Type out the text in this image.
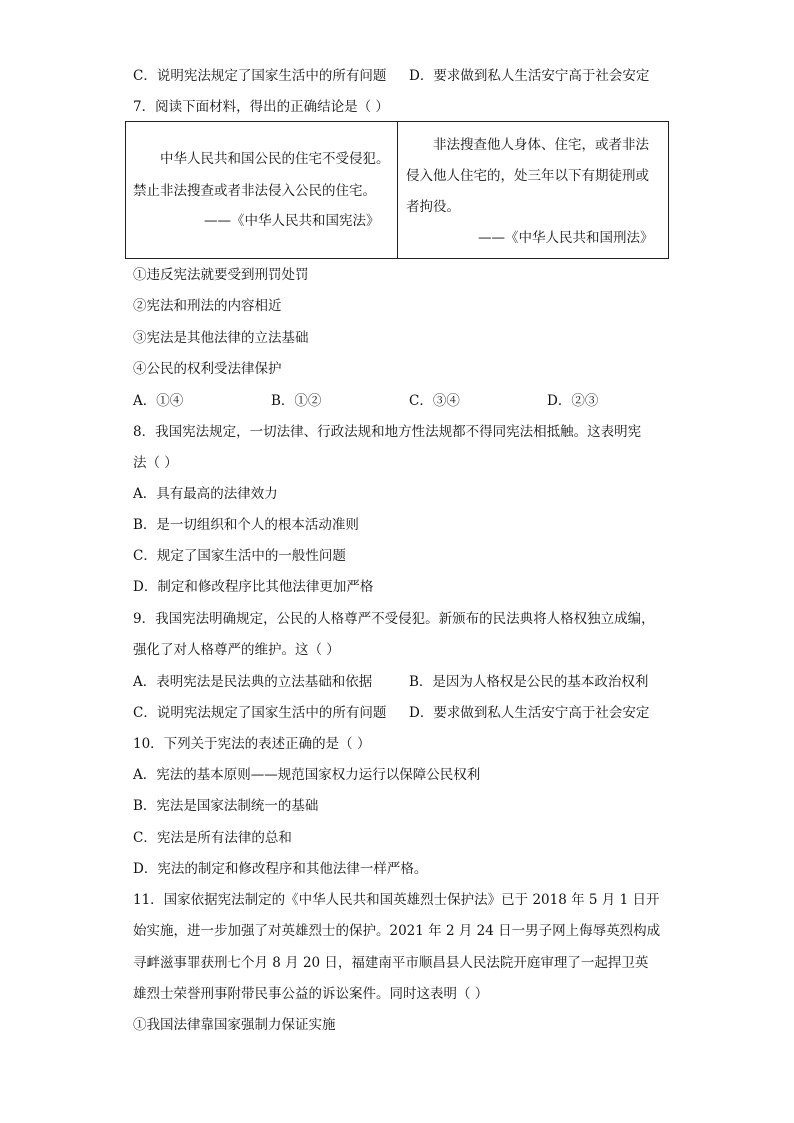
C．说明宪法规定了国家生活中的所有问题 D．要求做到私人生活安宁高于社会安定
7．阅读下面材料，得出的正确结论是（ ）
中华人民共和国公民的住宅不受侵犯。
禁止非法搜查或者非法侵入公民的住宅。
——《中华人民共和国宪法》

非法搜查他人身体、住宅，或者非法
侵入他人住宅的，处三年以下有期徒刑或
者拘役。
——《中华人民共和国刑法》
①违反宪法就要受到刑罚处罚
②宪法和刑法的内容相近
③宪法是其他法律的立法基础
④公民的权利受法律保护
A．①④	B．①②	C．③④	D．②③
8．我国宪法规定，一切法律、行政法规和地方性法规都不得同宪法相抵触。这表明宪
法（ ）
A．具有最高的法律效力
B．是一切组织和个人的根本活动准则
C．规定了国家生活中的一般性问题
D．制定和修改程序比其他法律更加严格
9．我国宪法明确规定，公民的人格尊严不受侵犯。新颁布的民法典将人格权独立成编，
强化了对人格尊严的维护。这（ ）
A．表明宪法是民法典的立法基础和依据	B．是因为人格权是公民的基本政治权利
C．说明宪法规定了国家生活中的所有问题 D．要求做到私人生活安宁高于社会安定
10．下列关于宪法的表述正确的是（ ）
A．宪法的基本原则——规范国家权力运行以保障公民权利
B．宪法是国家法制统一的基础
C．宪法是所有法律的总和
D．宪法的制定和修改程序和其他法律一样严格。
11．国家依据宪法制定的《中华人民共和国英雄烈士保护法》已于 2018 年 5 月 1 日开
始实施，进一步加强了对英雄烈士的保护。2021 年 2 月 24 日一男子网上侮辱英烈构成
寻衅滋事罪获刑七个月 8 月 20 日，福建南平市顺昌县人民法院开庭审理了一起捍卫英
雄烈士荣誉刑事附带民事公益的诉讼案件。同时这表明（ ）
①我国法律靠国家强制力保证实施
